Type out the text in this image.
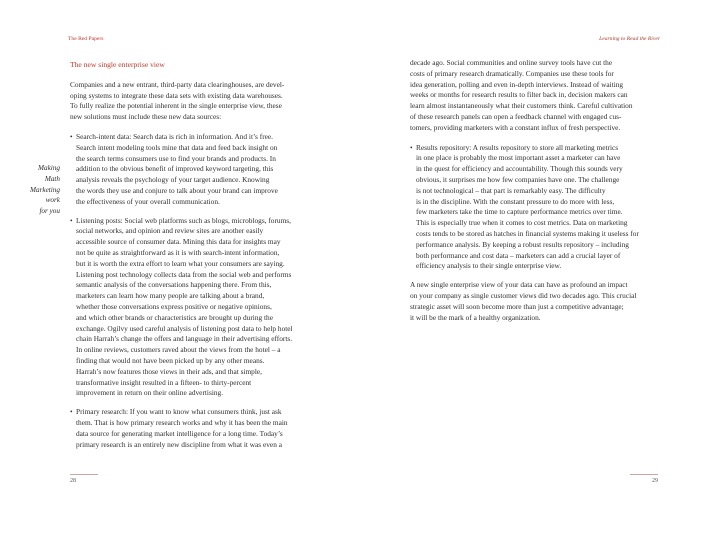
The Red Papers	Learning to Read the River
Making
Math
Marketing
work
for you
The new single enterprise view

Companies and a new entrant, third-party data clearinghouses, are devel-
oping systems to integrate these data sets with existing data warehouses.
To fully realize the potential inherent in the single enterprise view, these
new solutions must include these new data sources:

• Search-intent data: Search data is rich in information. And it’s free.
Search intent modeling tools mine that data and feed back insight on
the search terms consumers use to find your brands and products. In
addition to the obvious benefit of improved keyword targeting, this
analysis reveals the psychology of your target audience. Knowing
the words they use and conjure to talk about your brand can improve
the effectiveness of your overall communication.
• Listening posts: Social web platforms such as blogs, microblogs, forums,
social networks, and opinion and review sites are another easily
accessible source of consumer data. Mining this data for insights may
not be quite as straightforward as it is with search-intent information,
but it is worth the extra effort to learn what your consumers are saying.
Listening post technology collects data from the social web and performs
semantic analysis of the conversations happening there. From this,
marketers can learn how many people are talking about a brand,
whether those conversations express positive or negative opinions,
and which other brands or characteristics are brought up during the
exchange. Ogilvy used careful analysis of listening post data to help hotel
chain Harrah’s change the offers and language in their advertising efforts.
In online reviews, customers raved about the views from the hotel – a
finding that would not have been picked up by any other means.
Harrah’s now features those views in their ads, and that simple,
transformative insight resulted in a fifteen- to thirty-percent
improvement in return on their online advertising.
• Primary research: If you want to know what consumers think, just ask
them. That is how primary research works and why it has been the main
data source for generating market intelligence for a long time. Today’s
primary research is an entirely new discipline from what it was even a

decade ago. Social communities and online survey tools have cut the
costs of primary research dramatically. Companies use these tools for
idea generation, polling and even in-depth interviews. Instead of waiting
weeks or months for research results to filter back in, decision makers can
learn almost instantaneously what their customers think. Careful cultivation
of these research panels can open a feedback channel with engaged cus-
tomers, providing marketers with a constant influx of fresh perspective.

• Results repository: A results repository to store all marketing metrics
in one place is probably the most important asset a marketer can have
in the quest for efficiency and accountability. Though this sounds very
obvious, it surprises me how few companies have one. The challenge
is not technological – that part is remarkably easy. The difficulty
is in the discipline. With the constant pressure to do more with less,
few marketers take the time to capture performance metrics over time.
This is especially true when it comes to cost metrics. Data on marketing
costs tends to be stored as hatches in financial systems making it useless for
performance analysis. By keeping a robust results repository – including
both performance and cost data – marketers can add a crucial layer of
efficiency analysis to their single enterprise view.

A new single enterprise view of your data can have as profound an impact
on your company as single customer views did two decades ago. This crucial
strategic asset will soon become more than just a competitive advantage;
it will be the mark of a healthy organization.

28	29
